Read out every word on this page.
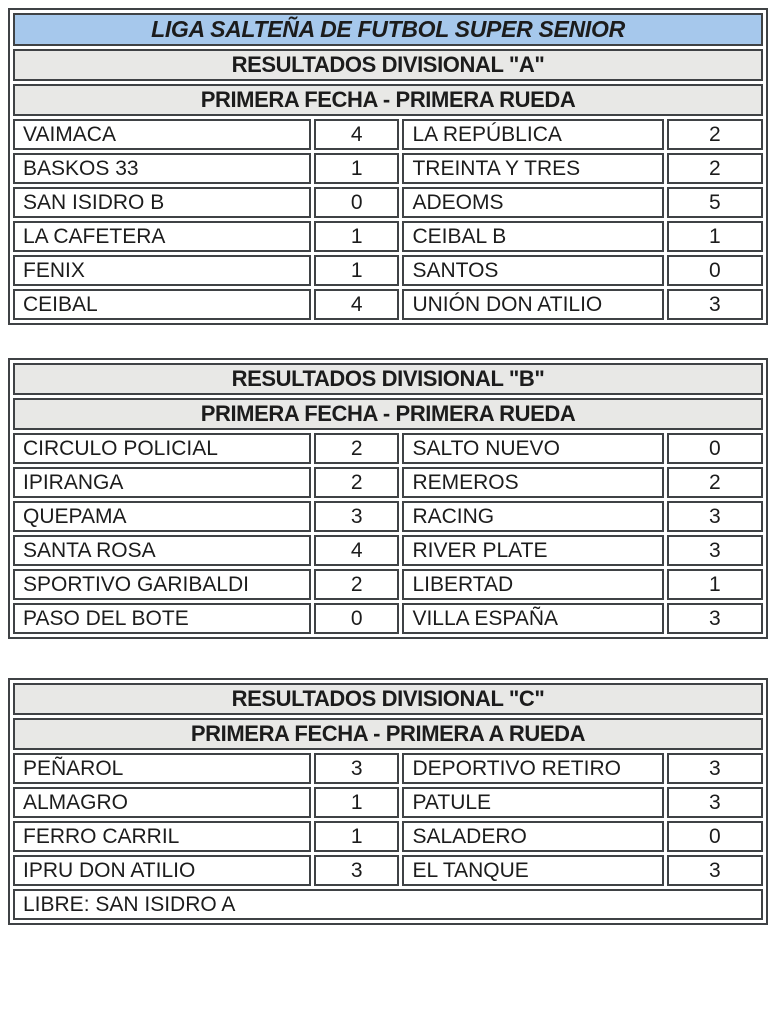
LIGA SALTEÑA DE FUTBOL SUPER SENIOR			
RESULTADOS DIVISIONAL "A"			
PRIMERA FECHA - PRIMERA RUEDA			
VAIMACA	4	LA REPÚBLICA	2
BASKOS 33	1	TREINTA Y TRES	2
SAN ISIDRO B	0	ADEOMS	5
LA CAFETERA	1	CEIBAL B	1
FENIX	1	SANTOS	0
CEIBAL	4	UNIÓN DON ATILIO	3
RESULTADOS DIVISIONAL "B"			
PRIMERA FECHA - PRIMERA RUEDA			
CIRCULO POLICIAL	2	SALTO NUEVO	0
IPIRANGA	2	REMEROS	2
QUEPAMA	3	RACING	3
SANTA ROSA	4	RIVER PLATE	3
SPORTIVO GARIBALDI	2	LIBERTAD	1
PASO DEL BOTE	0	VILLA ESPAÑA	3
RESULTADOS DIVISIONAL "C"			
PRIMERA FECHA - PRIMERA A RUEDA			
PEÑAROL	3	DEPORTIVO RETIRO	3
ALMAGRO	1	PATULE	3
FERRO CARRIL	1	SALADERO	0
IPRU DON ATILIO	3	EL TANQUE	3
LIBRE: SAN ISIDRO A			
